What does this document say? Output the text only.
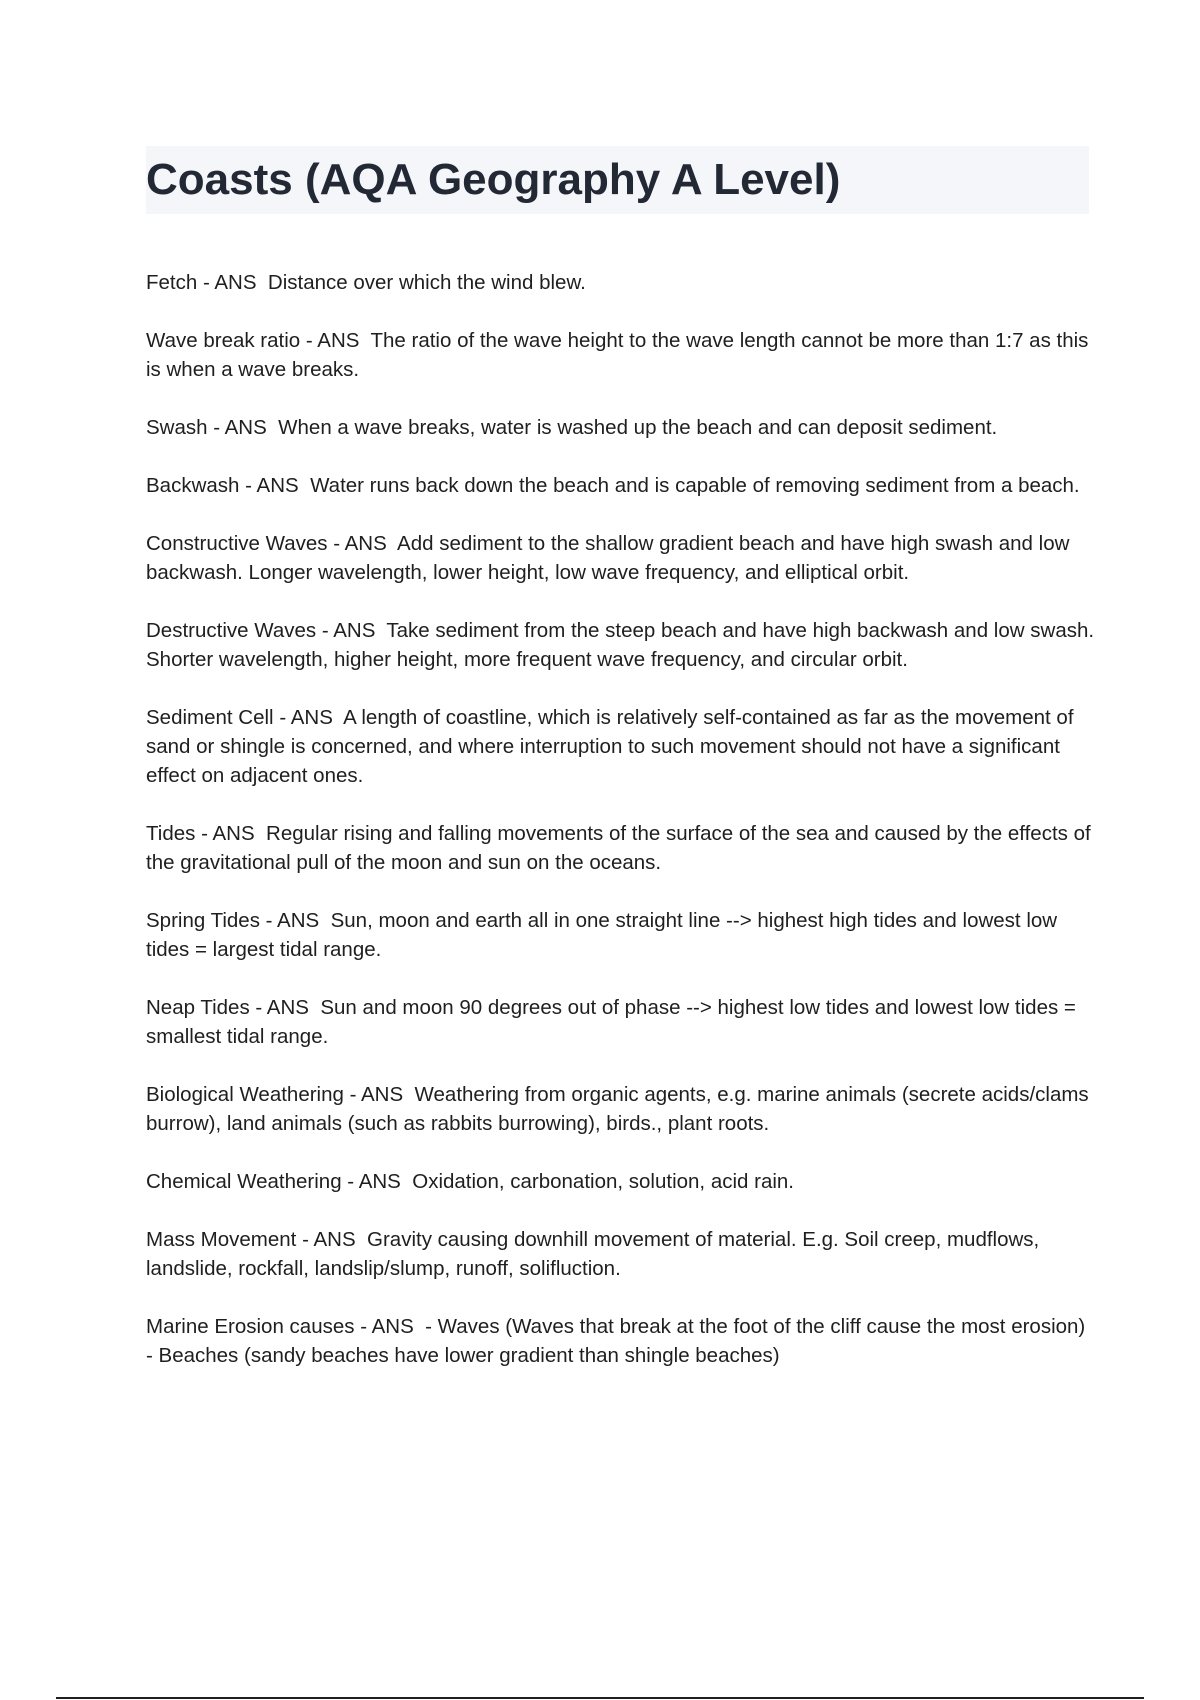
Coasts (AQA Geography A Level)

Fetch - ANS  Distance over which the wind blew.

Wave break ratio - ANS  The ratio of the wave height to the wave length cannot be more than 1:7 as this is when a wave breaks.

Swash - ANS  When a wave breaks, water is washed up the beach and can deposit sediment.

Backwash - ANS  Water runs back down the beach and is capable of removing sediment from a beach.

Constructive Waves - ANS  Add sediment to the shallow gradient beach and have high swash and low backwash. Longer wavelength, lower height, low wave frequency, and elliptical orbit.

Destructive Waves - ANS  Take sediment from the steep beach and have high backwash and low swash. Shorter wavelength, higher height, more frequent wave frequency, and circular orbit.

Sediment Cell - ANS  A length of coastline, which is relatively self-contained as far as the movement of sand or shingle is concerned, and where interruption to such movement should not have a significant effect on adjacent ones.

Tides - ANS  Regular rising and falling movements of the surface of the sea and caused by the effects of the gravitational pull of the moon and sun on the oceans.

Spring Tides - ANS  Sun, moon and earth all in one straight line --> highest high tides and lowest low tides = largest tidal range.

Neap Tides - ANS  Sun and moon 90 degrees out of phase --> highest low tides and lowest low tides = smallest tidal range.

Biological Weathering - ANS  Weathering from organic agents, e.g. marine animals (secrete acids/clams burrow), land animals (such as rabbits burrowing), birds., plant roots.

Chemical Weathering - ANS  Oxidation, carbonation, solution, acid rain.

Mass Movement - ANS  Gravity causing downhill movement of material. E.g. Soil creep, mudflows, landslide, rockfall, landslip/slump, runoff, solifluction.

Marine Erosion causes - ANS  - Waves (Waves that break at the foot of the cliff cause the most erosion)
- Beaches (sandy beaches have lower gradient than shingle beaches)
